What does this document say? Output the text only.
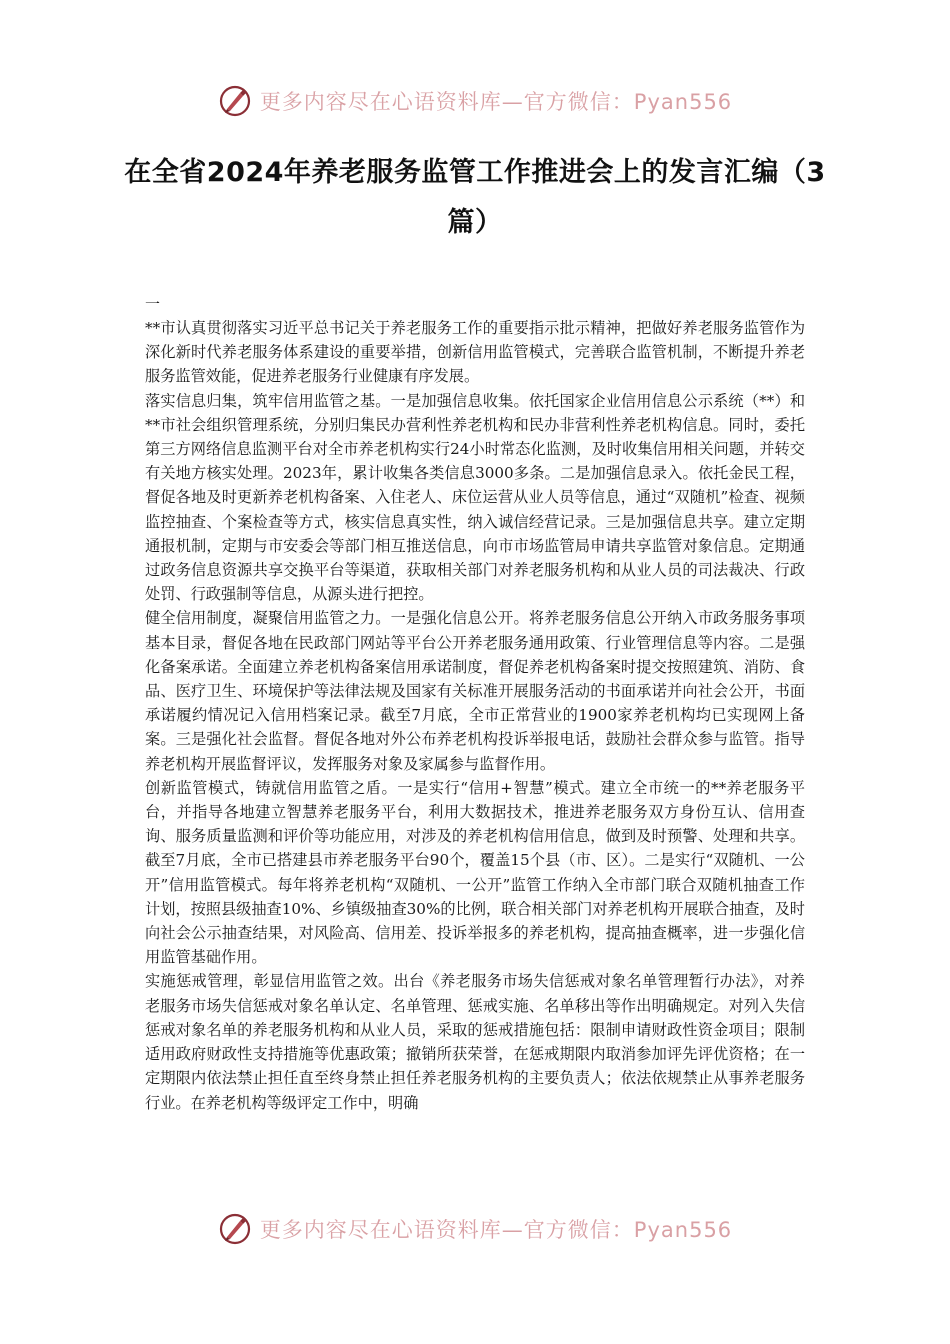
更多内容尽在心语资料库—官方微信：Pyan556
在全省2024年养老服务监管工作推进会上的发言汇编（3篇）

一

**市认真贯彻落实习近平总书记关于养老服务工作的重要指示批示精神，把做好养老服务监管作为深化新时代养老服务体系建设的重要举措，创新信用监管模式，完善联合监管机制，不断提升养老服务监管效能，促进养老服务行业健康有序发展。

落实信息归集，筑牢信用监管之基。一是加强信息收集。依托国家企业信用信息公示系统（**）和**市社会组织管理系统，分别归集民办营利性养老机构和民办非营利性养老机构信息。同时，委托第三方网络信息监测平台对全市养老机构实行24小时常态化监测，及时收集信用相关问题，并转交有关地方核实处理。2023年，累计收集各类信息3000多条。二是加强信息录入。依托金民工程，督促各地及时更新养老机构备案、入住老人、床位运营从业人员等信息，通过“双随机”检查、视频监控抽查、个案检查等方式，核实信息真实性，纳入诚信经营记录。三是加强信息共享。建立定期通报机制，定期与市安委会等部门相互推送信息，向市市场监管局申请共享监管对象信息。定期通过政务信息资源共享交换平台等渠道，获取相关部门对养老服务机构和从业人员的司法裁决、行政处罚、行政强制等信息，从源头进行把控。

健全信用制度，凝聚信用监管之力。一是强化信息公开。将养老服务信息公开纳入市政务服务事项基本目录，督促各地在民政部门网站等平台公开养老服务通用政策、行业管理信息等内容。二是强化备案承诺。全面建立养老机构备案信用承诺制度，督促养老机构备案时提交按照建筑、消防、食品、医疗卫生、环境保护等法律法规及国家有关标准开展服务活动的书面承诺并向社会公开，书面承诺履约情况记入信用档案记录。截至7月底，全市正常营业的1900家养老机构均已实现网上备案。三是强化社会监督。督促各地对外公布养老机构投诉举报电话，鼓励社会群众参与监管。指导养老机构开展监督评议，发挥服务对象及家属参与监督作用。

创新监管模式，铸就信用监管之盾。一是实行“信用+智慧”模式。建立全市统一的**养老服务平台，并指导各地建立智慧养老服务平台，利用大数据技术，推进养老服务双方身份互认、信用查询、服务质量监测和评价等功能应用，对涉及的养老机构信用信息，做到及时预警、处理和共享。截至7月底，全市已搭建县市养老服务平台90个，覆盖15个县（市、区）。二是实行“双随机、一公开”信用监管模式。每年将养老机构“双随机、一公开”监管工作纳入全市部门联合双随机抽查工作计划，按照县级抽查10%、乡镇级抽查30%的比例，联合相关部门对养老机构开展联合抽查，及时向社会公示抽查结果，对风险高、信用差、投诉举报多的养老机构，提高抽查概率，进一步强化信用监管基础作用。

实施惩戒管理，彰显信用监管之效。出台《养老服务市场失信惩戒对象名单管理暂行办法》，对养老服务市场失信惩戒对象名单认定、名单管理、惩戒实施、名单移出等作出明确规定。对列入失信惩戒对象名单的养老服务机构和从业人员，采取的惩戒措施包括：限制申请财政性资金项目；限制适用政府财政性支持措施等优惠政策；撤销所获荣誉，在惩戒期限内取消参加评先评优资格；在一定期限内依法禁止担任直至终身禁止担任养老服务机构的主要负责人；依法依规禁止从事养老服务行业。在养老机构等级评定工作中，明确

更多内容尽在心语资料库—官方微信：Pyan556
